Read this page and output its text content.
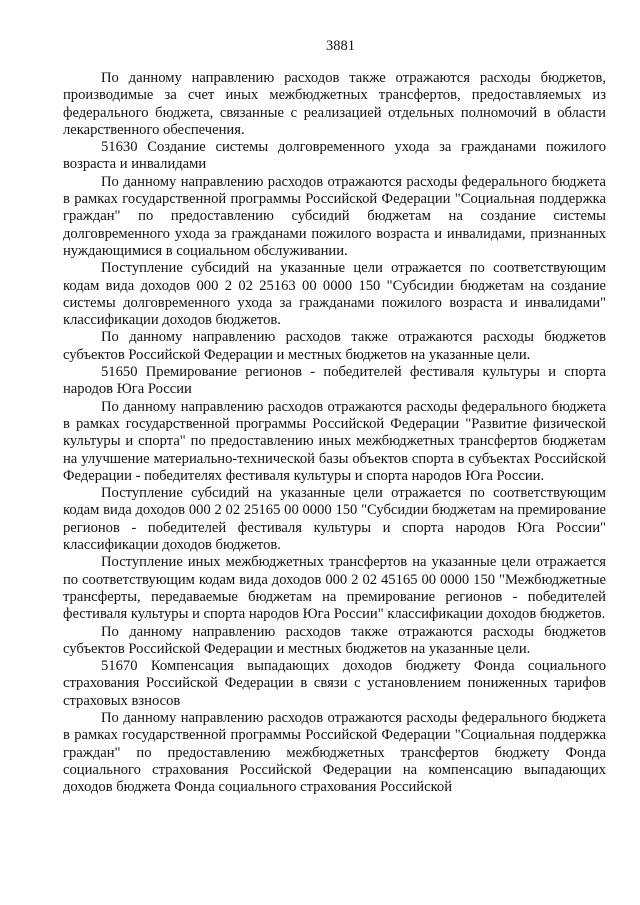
3881

По данному направлению расходов также отражаются расходы бюджетов, производимые за счет иных межбюджетных трансфертов, предоставляемых из федерального бюджета, связанные с реализацией отдельных полномочий в области лекарственного обеспечения.

51630 Создание системы долговременного ухода за гражданами пожилого возраста и инвалидами

По данному направлению расходов отражаются расходы федерального бюджета в рамках государственной программы Российской Федерации "Социальная поддержка граждан" по предоставлению субсидий бюджетам на создание системы долговременного ухода за гражданами пожилого возраста и инвалидами, признанных нуждающимися в социальном обслуживании.

Поступление субсидий на указанные цели отражается по соответствующим кодам вида доходов 000 2 02 25163 00 0000 150 "Субсидии бюджетам на создание системы долговременного ухода за гражданами пожилого возраста и инвалидами" классификации доходов бюджетов.

По данному направлению расходов также отражаются расходы бюджетов субъектов Российской Федерации и местных бюджетов на указанные цели.

51650 Премирование регионов - победителей фестиваля культуры и спорта народов Юга России

По данному направлению расходов отражаются расходы федерального бюджета в рамках государственной программы Российской Федерации "Развитие физической культуры и спорта" по предоставлению иных межбюджетных трансфертов бюджетам на улучшение материально-технической базы объектов спорта в субъектах Российской Федерации - победителях фестиваля культуры и спорта народов Юга России.

Поступление субсидий на указанные цели отражается по соответствующим кодам вида доходов 000 2 02 25165 00 0000 150 "Субсидии бюджетам на премирование регионов - победителей фестиваля культуры и спорта народов Юга России" классификации доходов бюджетов.

Поступление иных межбюджетных трансфертов на указанные цели отражается по соответствующим кодам вида доходов 000 2 02 45165 00 0000 150 "Межбюджетные трансферты, передаваемые бюджетам на премирование регионов - победителей фестиваля культуры и спорта народов Юга России" классификации доходов бюджетов.

По данному направлению расходов также отражаются расходы бюджетов субъектов Российской Федерации и местных бюджетов на указанные цели.

51670 Компенсация выпадающих доходов бюджету Фонда социального страхования Российской Федерации в связи с установлением пониженных тарифов страховых взносов

По данному направлению расходов отражаются расходы федерального бюджета в рамках государственной программы Российской Федерации "Социальная поддержка граждан" по предоставлению межбюджетных трансфертов бюджету Фонда социального страхования Российской Федерации на компенсацию выпадающих доходов бюджета Фонда социального страхования Российской
